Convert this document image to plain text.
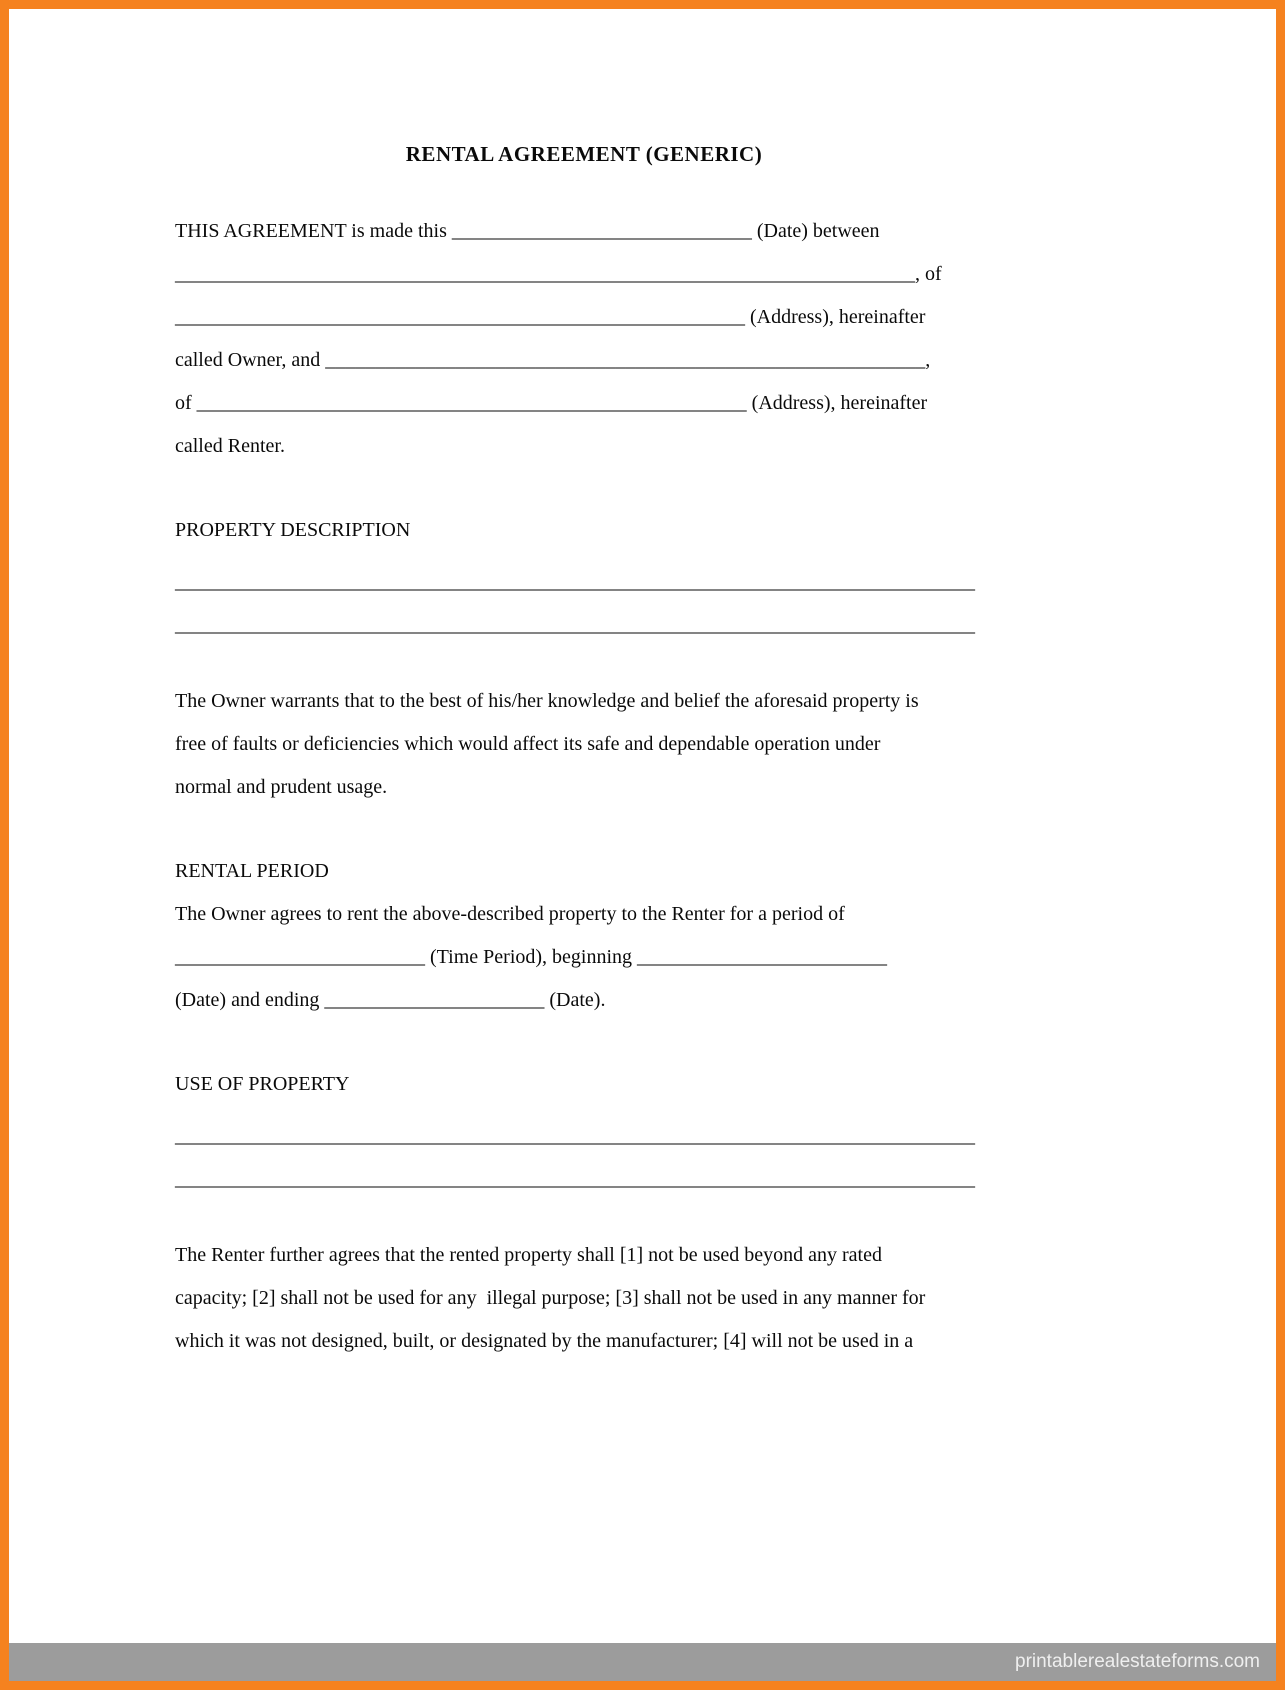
RENTAL AGREEMENT (GENERIC)
THIS AGREEMENT is made this ______________________________ (Date) between
__________________________________________________________________________, of
_________________________________________________________ (Address), hereinafter
called Owner, and ____________________________________________________________,
of _______________________________________________________ (Address), hereinafter
called Renter.
PROPERTY DESCRIPTION
________________________________________________________________________________
________________________________________________________________________________
The Owner warrants that to the best of his/her knowledge and belief the aforesaid property is
free of faults or deficiencies which would affect its safe and dependable operation under
normal and prudent usage.
RENTAL PERIOD
The Owner agrees to rent the above-described property to the Renter for a period of
_________________________ (Time Period), beginning _________________________
(Date) and ending ______________________ (Date).
USE OF PROPERTY
________________________________________________________________________________
________________________________________________________________________________
The Renter further agrees that the rented property shall [1] not be used beyond any rated
capacity; [2] shall not be used for any  illegal purpose; [3] shall not be used in any manner for
which it was not designed, built, or designated by the manufacturer; [4] will not be used in a
printablerealestateforms.com
